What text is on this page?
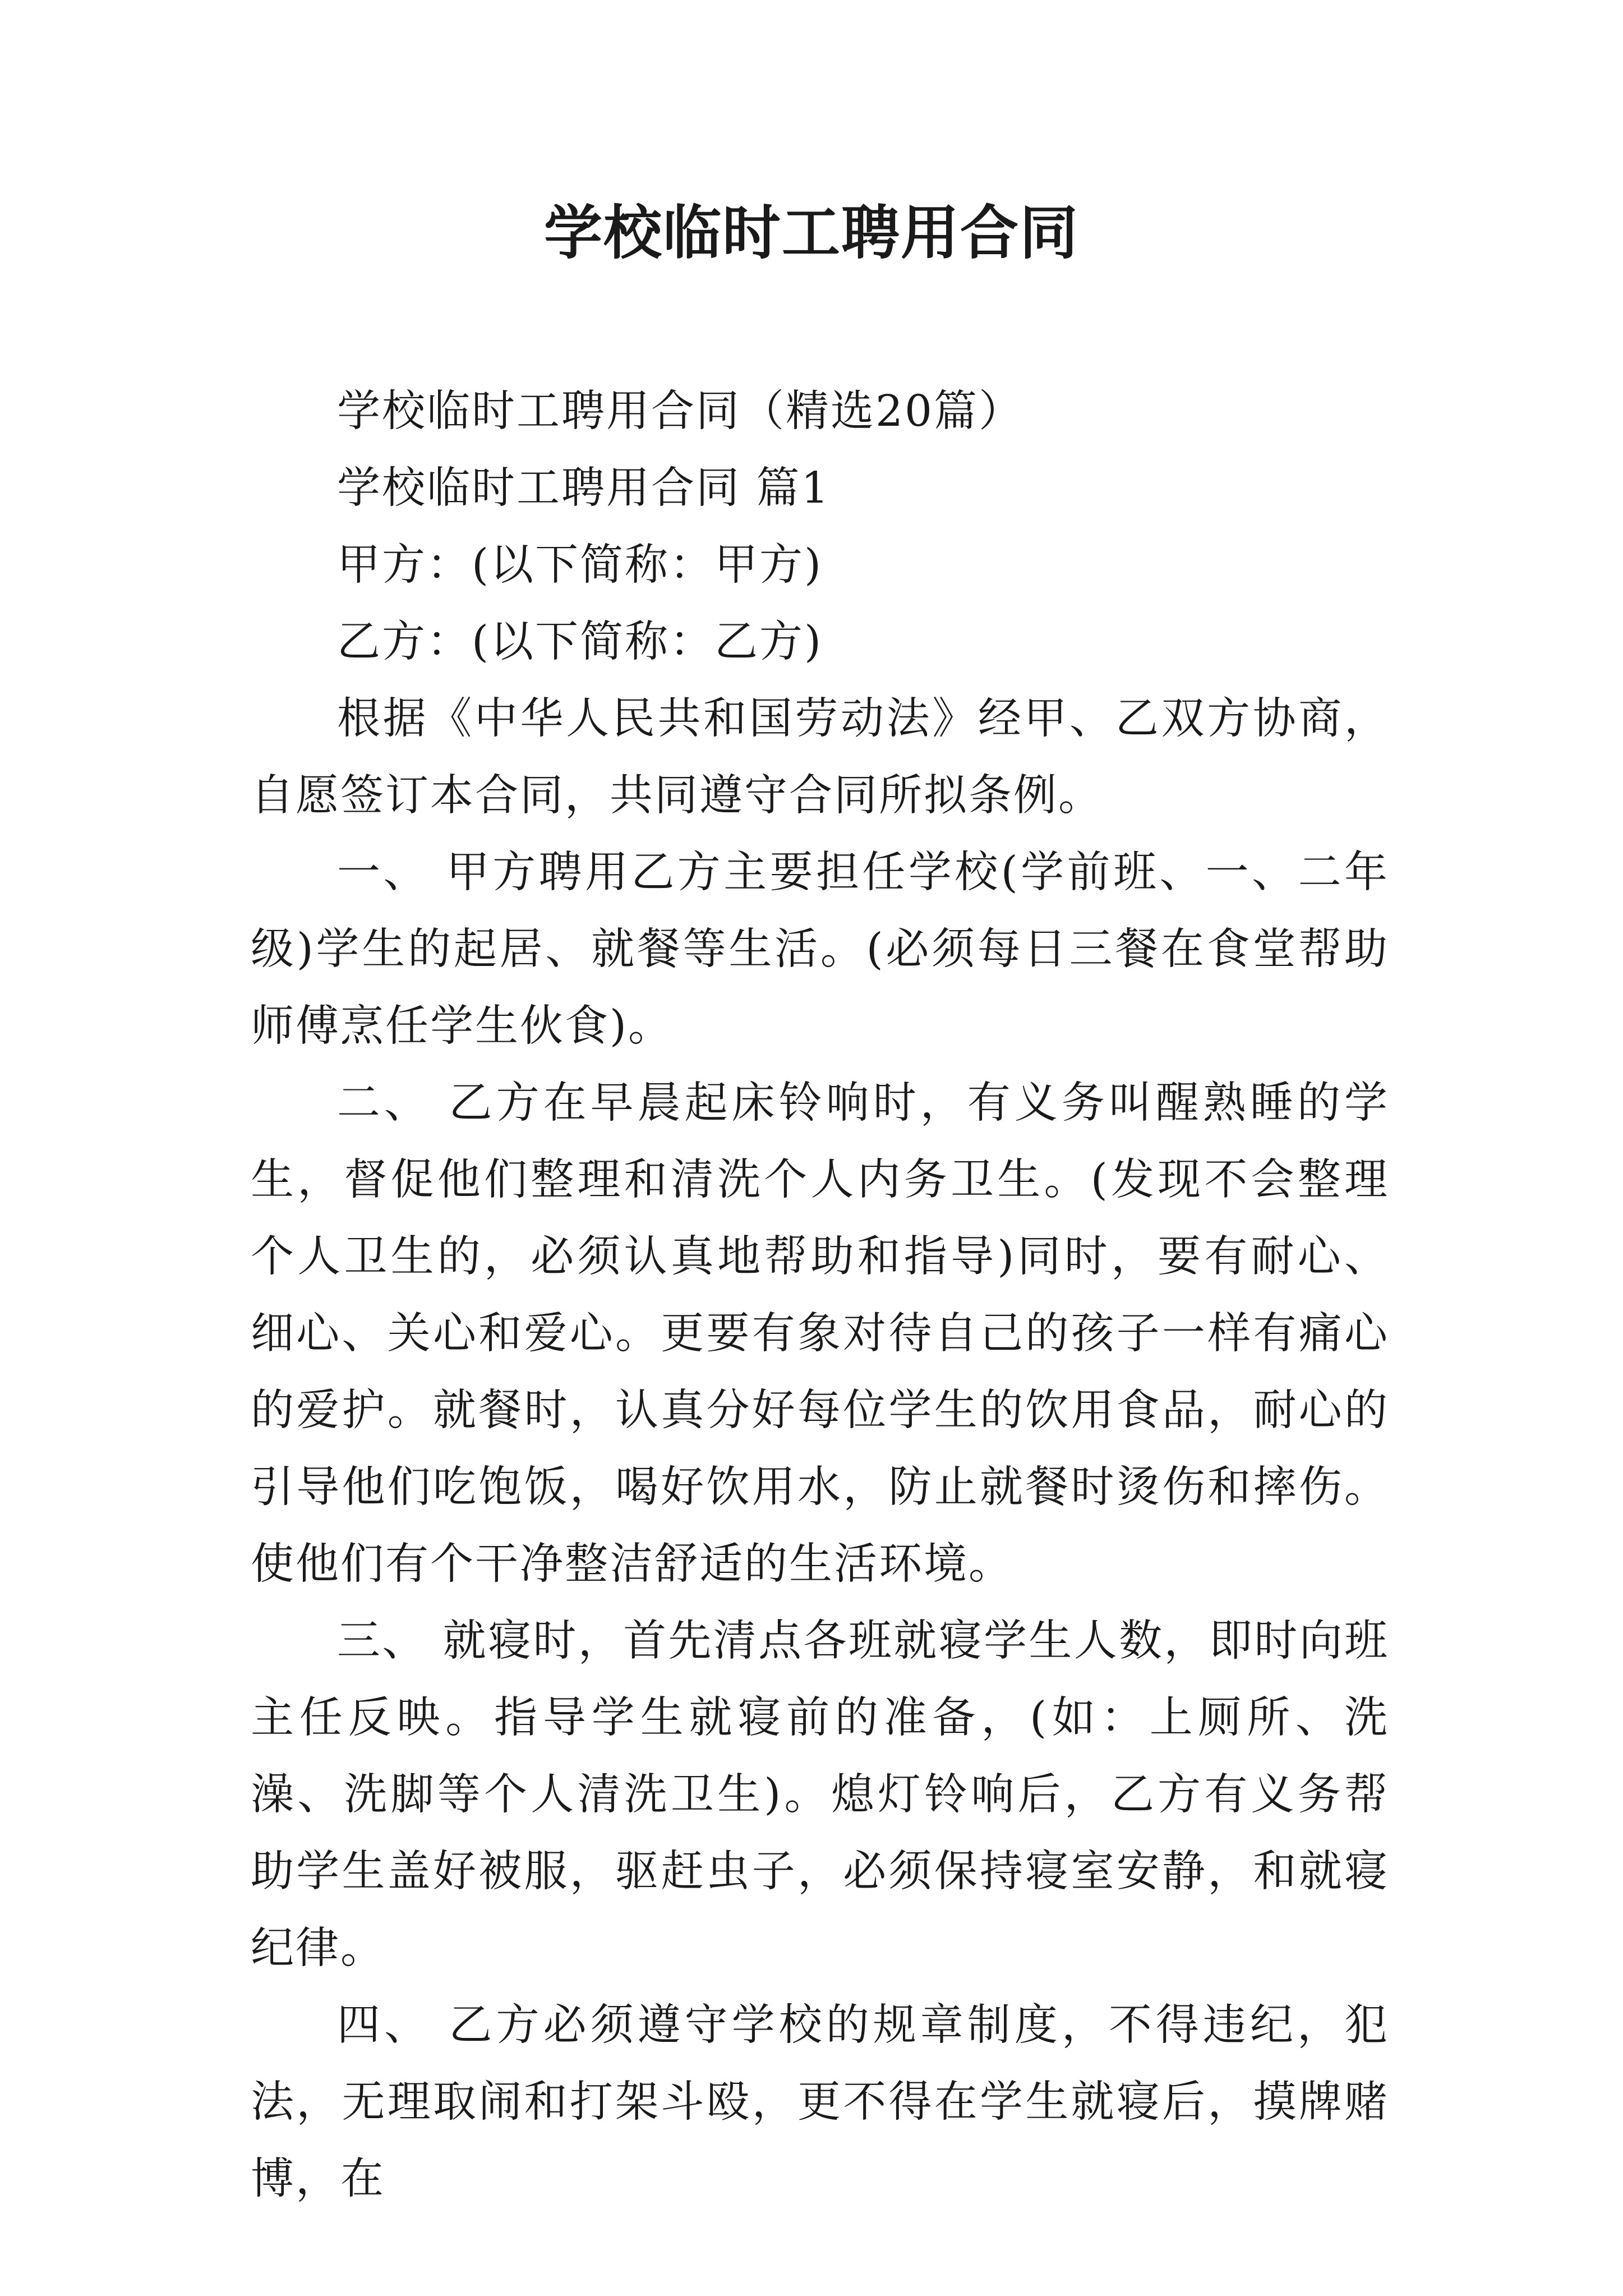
学校临时工聘用合同

学校临时工聘用合同（精选20篇）

学校临时工聘用合同 篇1

甲方：(以下简称：甲方)

乙方：(以下简称：乙方)

根据《中华人民共和国劳动法》经甲、乙双方协商，自愿签订本合同，共同遵守合同所拟条例。

一、 甲方聘用乙方主要担任学校(学前班、一、二年级)学生的起居、就餐等生活。(必须每日三餐在食堂帮助师傅烹任学生伙食)。

二、 乙方在早晨起床铃响时，有义务叫醒熟睡的学生，督促他们整理和清洗个人内务卫生。(发现不会整理个人卫生的，必须认真地帮助和指导)同时，要有耐心、细心、关心和爱心。更要有象对待自己的孩子一样有痛心的爱护。就餐时，认真分好每位学生的饮用食品，耐心的引导他们吃饱饭，喝好饮用水，防止就餐时烫伤和摔伤。使他们有个干净整洁舒适的生活环境。

三、 就寝时，首先清点各班就寝学生人数，即时向班主任反映。指导学生就寝前的准备，(如：上厕所、洗澡、洗脚等个人清洗卫生)。熄灯铃响后，乙方有义务帮助学生盖好被服，驱赶虫子，必须保持寝室安静，和就寝纪律。

四、 乙方必须遵守学校的规章制度，不得违纪，犯法，无理取闹和打架斗殴，更不得在学生就寝后，摸牌赌博，在
